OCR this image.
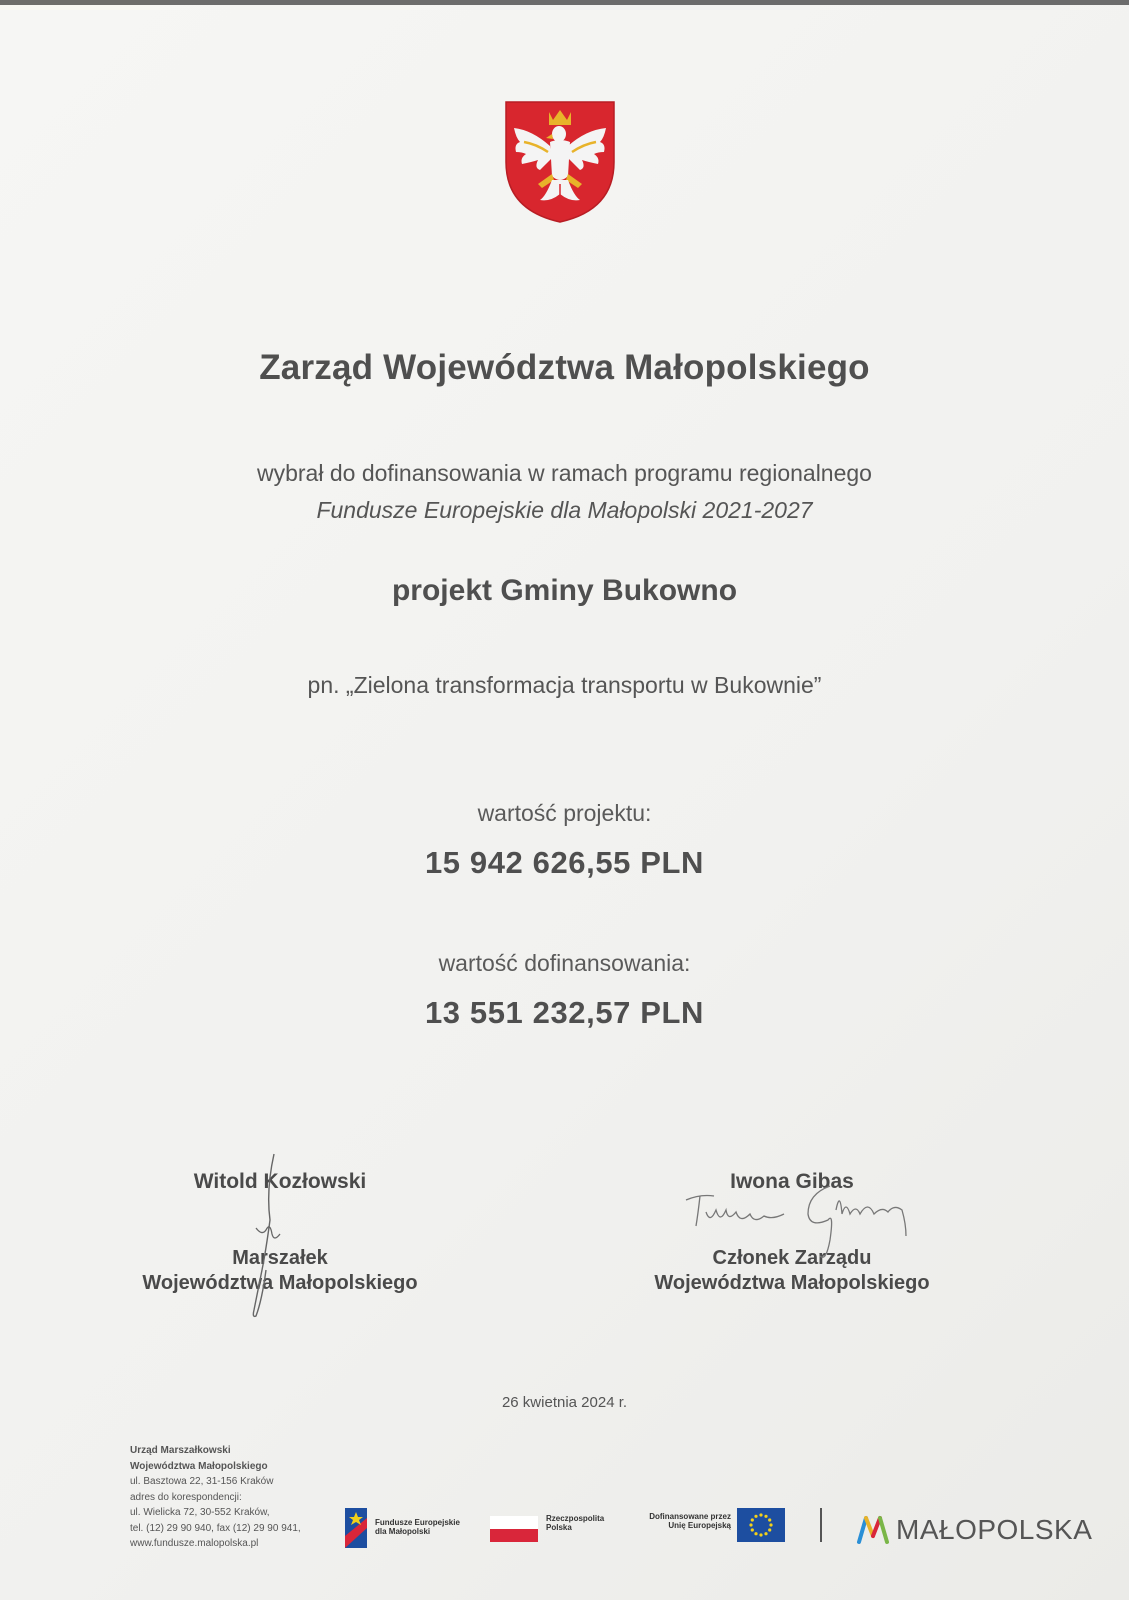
Zarząd Województwa Małopolskiego
wybrał do dofinansowania w ramach programu regionalnego
Fundusze Europejskie dla Małopolski 2021-2027
projekt Gminy Bukowno
pn. „Zielona transformacja transportu w Bukownie”
wartość projektu:
15 942 626,55 PLN
wartość dofinansowania:
13 551 232,57 PLN
Witold Kozłowski
Marszałek
Województwa Małopolskiego
Iwona Gibas
Członek Zarządu
Województwa Małopolskiego
26 kwietnia 2024 r.
Urząd Marszałkowski
Województwa Małopolskiego
ul. Basztowa 22, 31-156 Kraków
adres do korespondencji:
ul. Wielicka 72, 30-552 Kraków,
tel. (12) 29 90 940, fax (12) 29 90 941,
www.fundusze.malopolska.pl
Fundusze Europejskie
dla Małopolski
Rzeczpospolita
Polska
Dofinansowane przez
Unię Europejską	MAŁOPOLSKA
